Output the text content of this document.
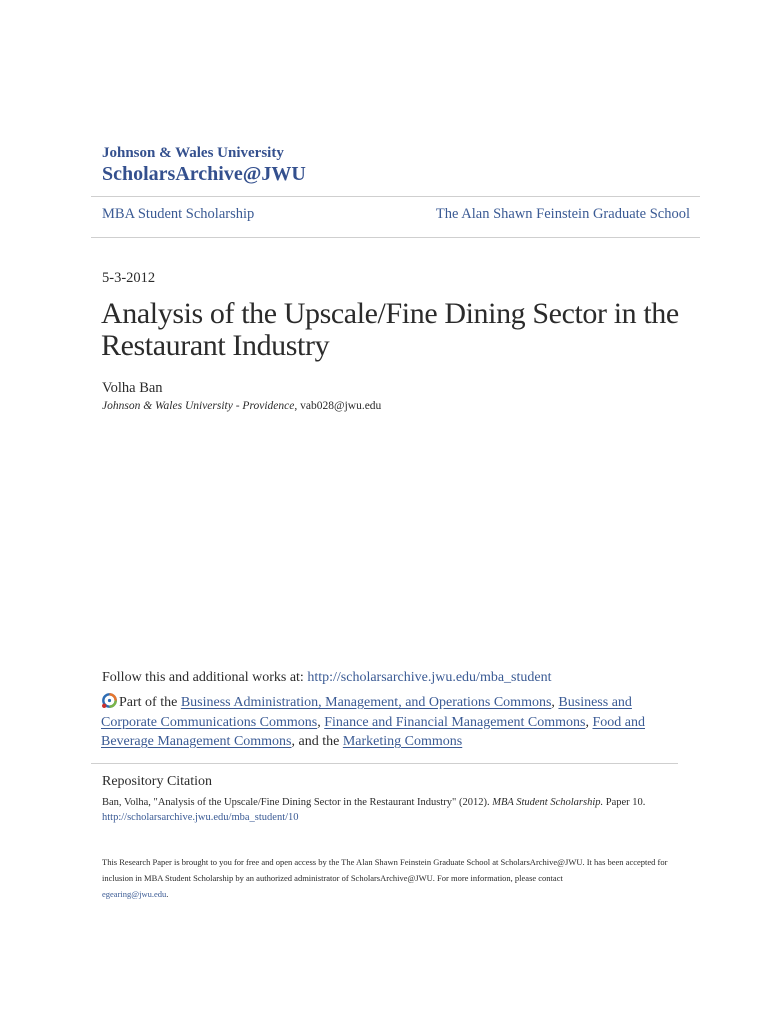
Johnson & Wales University
ScholarsArchive@JWU
MBA Student Scholarship	The Alan Shawn Feinstein Graduate School
5-3-2012
Analysis of the Upscale/Fine Dining Sector in the Restaurant Industry
Volha Ban
Johnson & Wales University - Providence, vab028@jwu.edu
Follow this and additional works at: http://scholarsarchive.jwu.edu/mba_student
Part of the Business Administration, Management, and Operations Commons, Business and Corporate Communications Commons, Finance and Financial Management Commons, Food and Beverage Management Commons, and the Marketing Commons
Repository Citation
Ban, Volha, "Analysis of the Upscale/Fine Dining Sector in the Restaurant Industry" (2012). MBA Student Scholarship. Paper 10.
http://scholarsarchive.jwu.edu/mba_student/10
This Research Paper is brought to you for free and open access by the The Alan Shawn Feinstein Graduate School at ScholarsArchive@JWU. It has been accepted for inclusion in MBA Student Scholarship by an authorized administrator of ScholarsArchive@JWU. For more information, please contact
egearing@jwu.edu.
